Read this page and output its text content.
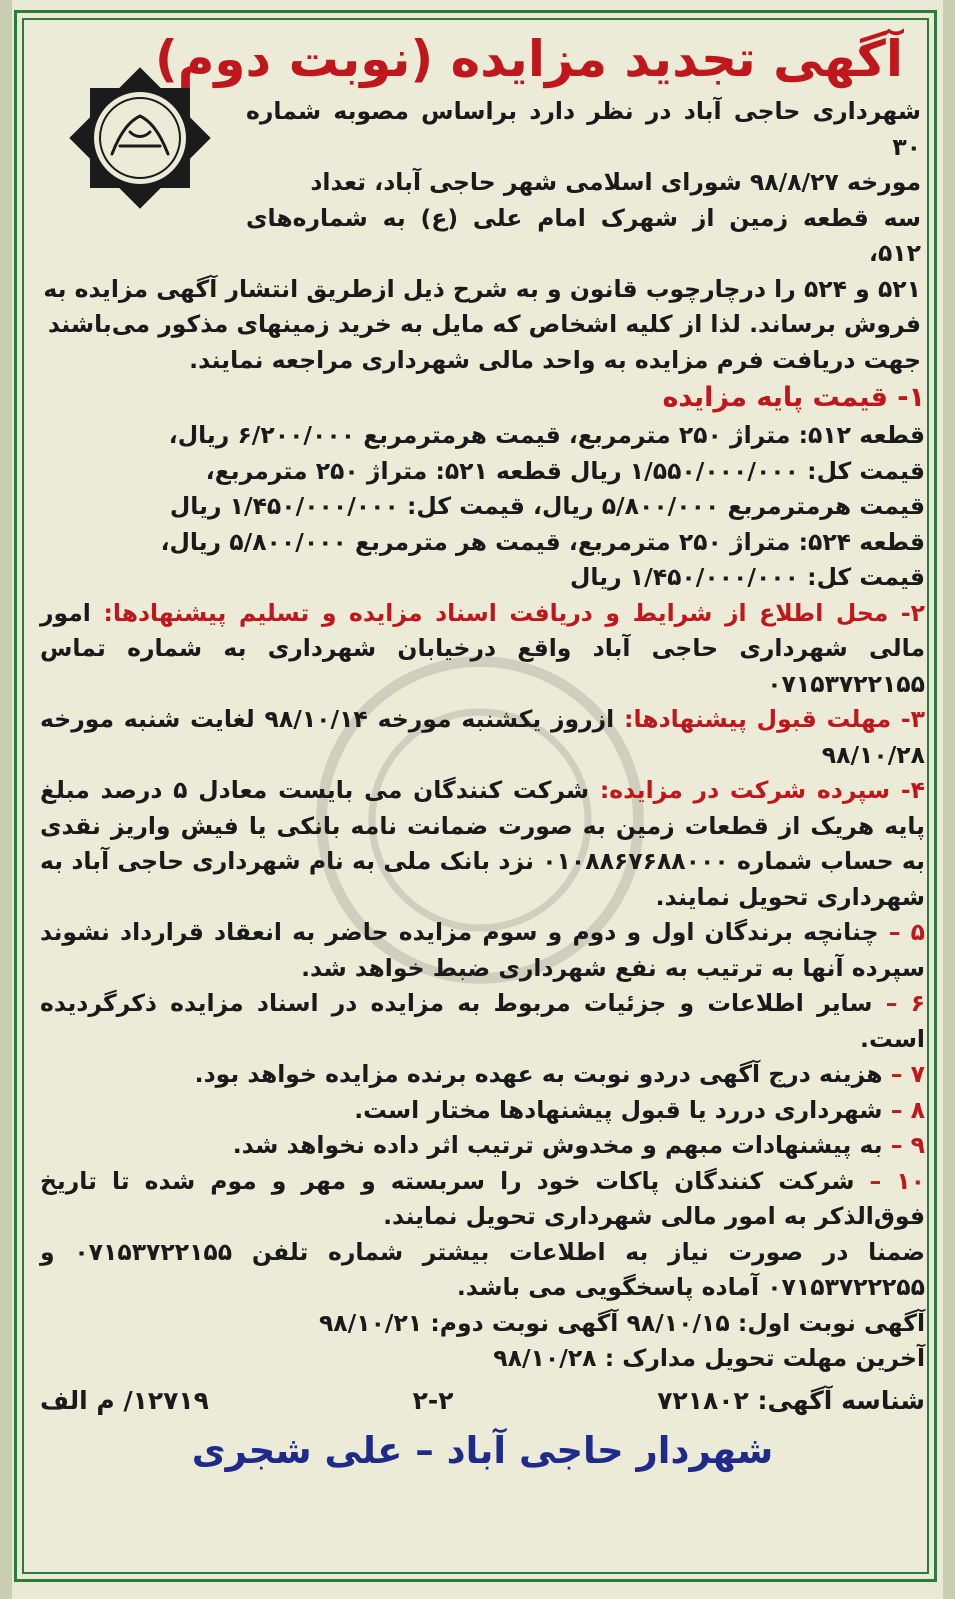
آگهی تجدید مزایده (نوبت دوم)
شهرداری حاجی آباد در نظر دارد براساس مصوبه شماره ۳۰
مورخه ۹۸/۸/۲۷ شورای اسلامی شهر حاجی آباد، تعداد
سه قطعه زمین از شهرک امام علی (ع) به شماره‌های ۵۱۲،
۵۲۱ و ۵۲۴ را درچارچوب قانون و به شرح ذیل ازطریق انتشار آگهی مزایده به
فروش برساند. لذا از کلیه اشخاص که مایل به خرید زمینهای مذکور می‌باشند
جهت دریافت فرم مزایده به واحد مالی شهرداری مراجعه نمایند.
۱- قیمت پایه مزایده
قطعه ۵۱۲: متراژ ۲۵۰ مترمربع، قیمت هرمترمربع ۶/۲۰۰/۰۰۰ ریال،
قیمت کل: ۱/۵۵۰/۰۰۰/۰۰۰ ریال قطعه ۵۲۱: متراژ ۲۵۰ مترمربع،
قیمت هرمترمربع ۵/۸۰۰/۰۰۰ ریال، قیمت کل: ۱/۴۵۰/۰۰۰/۰۰۰ ریال
قطعه ۵۲۴: متراژ ۲۵۰ مترمربع، قیمت هر مترمربع ۵/۸۰۰/۰۰۰ ریال،
قیمت کل: ۱/۴۵۰/۰۰۰/۰۰۰ ریال
۲- محل اطلاع از شرایط و دریافت اسناد مزایده و تسلیم پیشنهادها: امور مالی شهرداری حاجی آباد واقع درخیابان شهرداری به شماره تماس ۰۷۱۵۳۷۲۲۱۵۵
۳- مهلت قبول پیشنهادها: ازروز یکشنبه مورخه ۹۸/۱۰/۱۴ لغایت شنبه مورخه ۹۸/۱۰/۲۸
۴- سپرده شرکت در مزایده: شرکت کنندگان می بایست معادل ۵ درصد مبلغ پایه هریک از قطعات زمین به صورت ضمانت نامه بانکی یا فیش واریز نقدی به حساب شماره ۰۱۰۸۸۶۷۶۸۸۰۰۰ نزد بانک ملی به نام شهرداری حاجی آباد به شهرداری تحویل نمایند.
۵ – چنانچه برندگان اول و دوم و سوم مزایده حاضر به انعقاد قرارداد نشوند سپرده آنها به ترتیب به نفع شهرداری ضبط خواهد شد.
۶ – سایر اطلاعات و جزئیات مربوط به مزایده در اسناد مزایده ذکرگردیده است.
۷ – هزینه درج آگهی دردو نوبت به عهده برنده مزایده خواهد بود.
۸ – شهرداری دررد یا قبول پیشنهادها مختار است.
۹ – به پیشنهادات مبهم و مخدوش ترتیب اثر داده نخواهد شد.
۱۰ – شرکت کنندگان پاکات خود را سربسته و مهر و موم شده تا تاریخ فوق‌الذکر به امور مالی شهرداری تحویل نمایند.
ضمنا در صورت نیاز به اطلاعات بیشتر شماره تلفن ۰۷۱۵۳۷۲۲۱۵۵ و ۰۷۱۵۳۷۲۲۲۵۵ آماده پاسخگویی می باشد.
آگهی نوبت اول: ۹۸/۱۰/۱۵ آگهی نوبت دوم: ۹۸/۱۰/۲۱
آخرین مهلت تحویل مدارک : ۹۸/۱۰/۲۸
شناسه آگهی: ۷۲۱۸۰۲
۲-۲
۱۲۷۱۹/ م الف
شهردار حاجی آباد – علی شجری
